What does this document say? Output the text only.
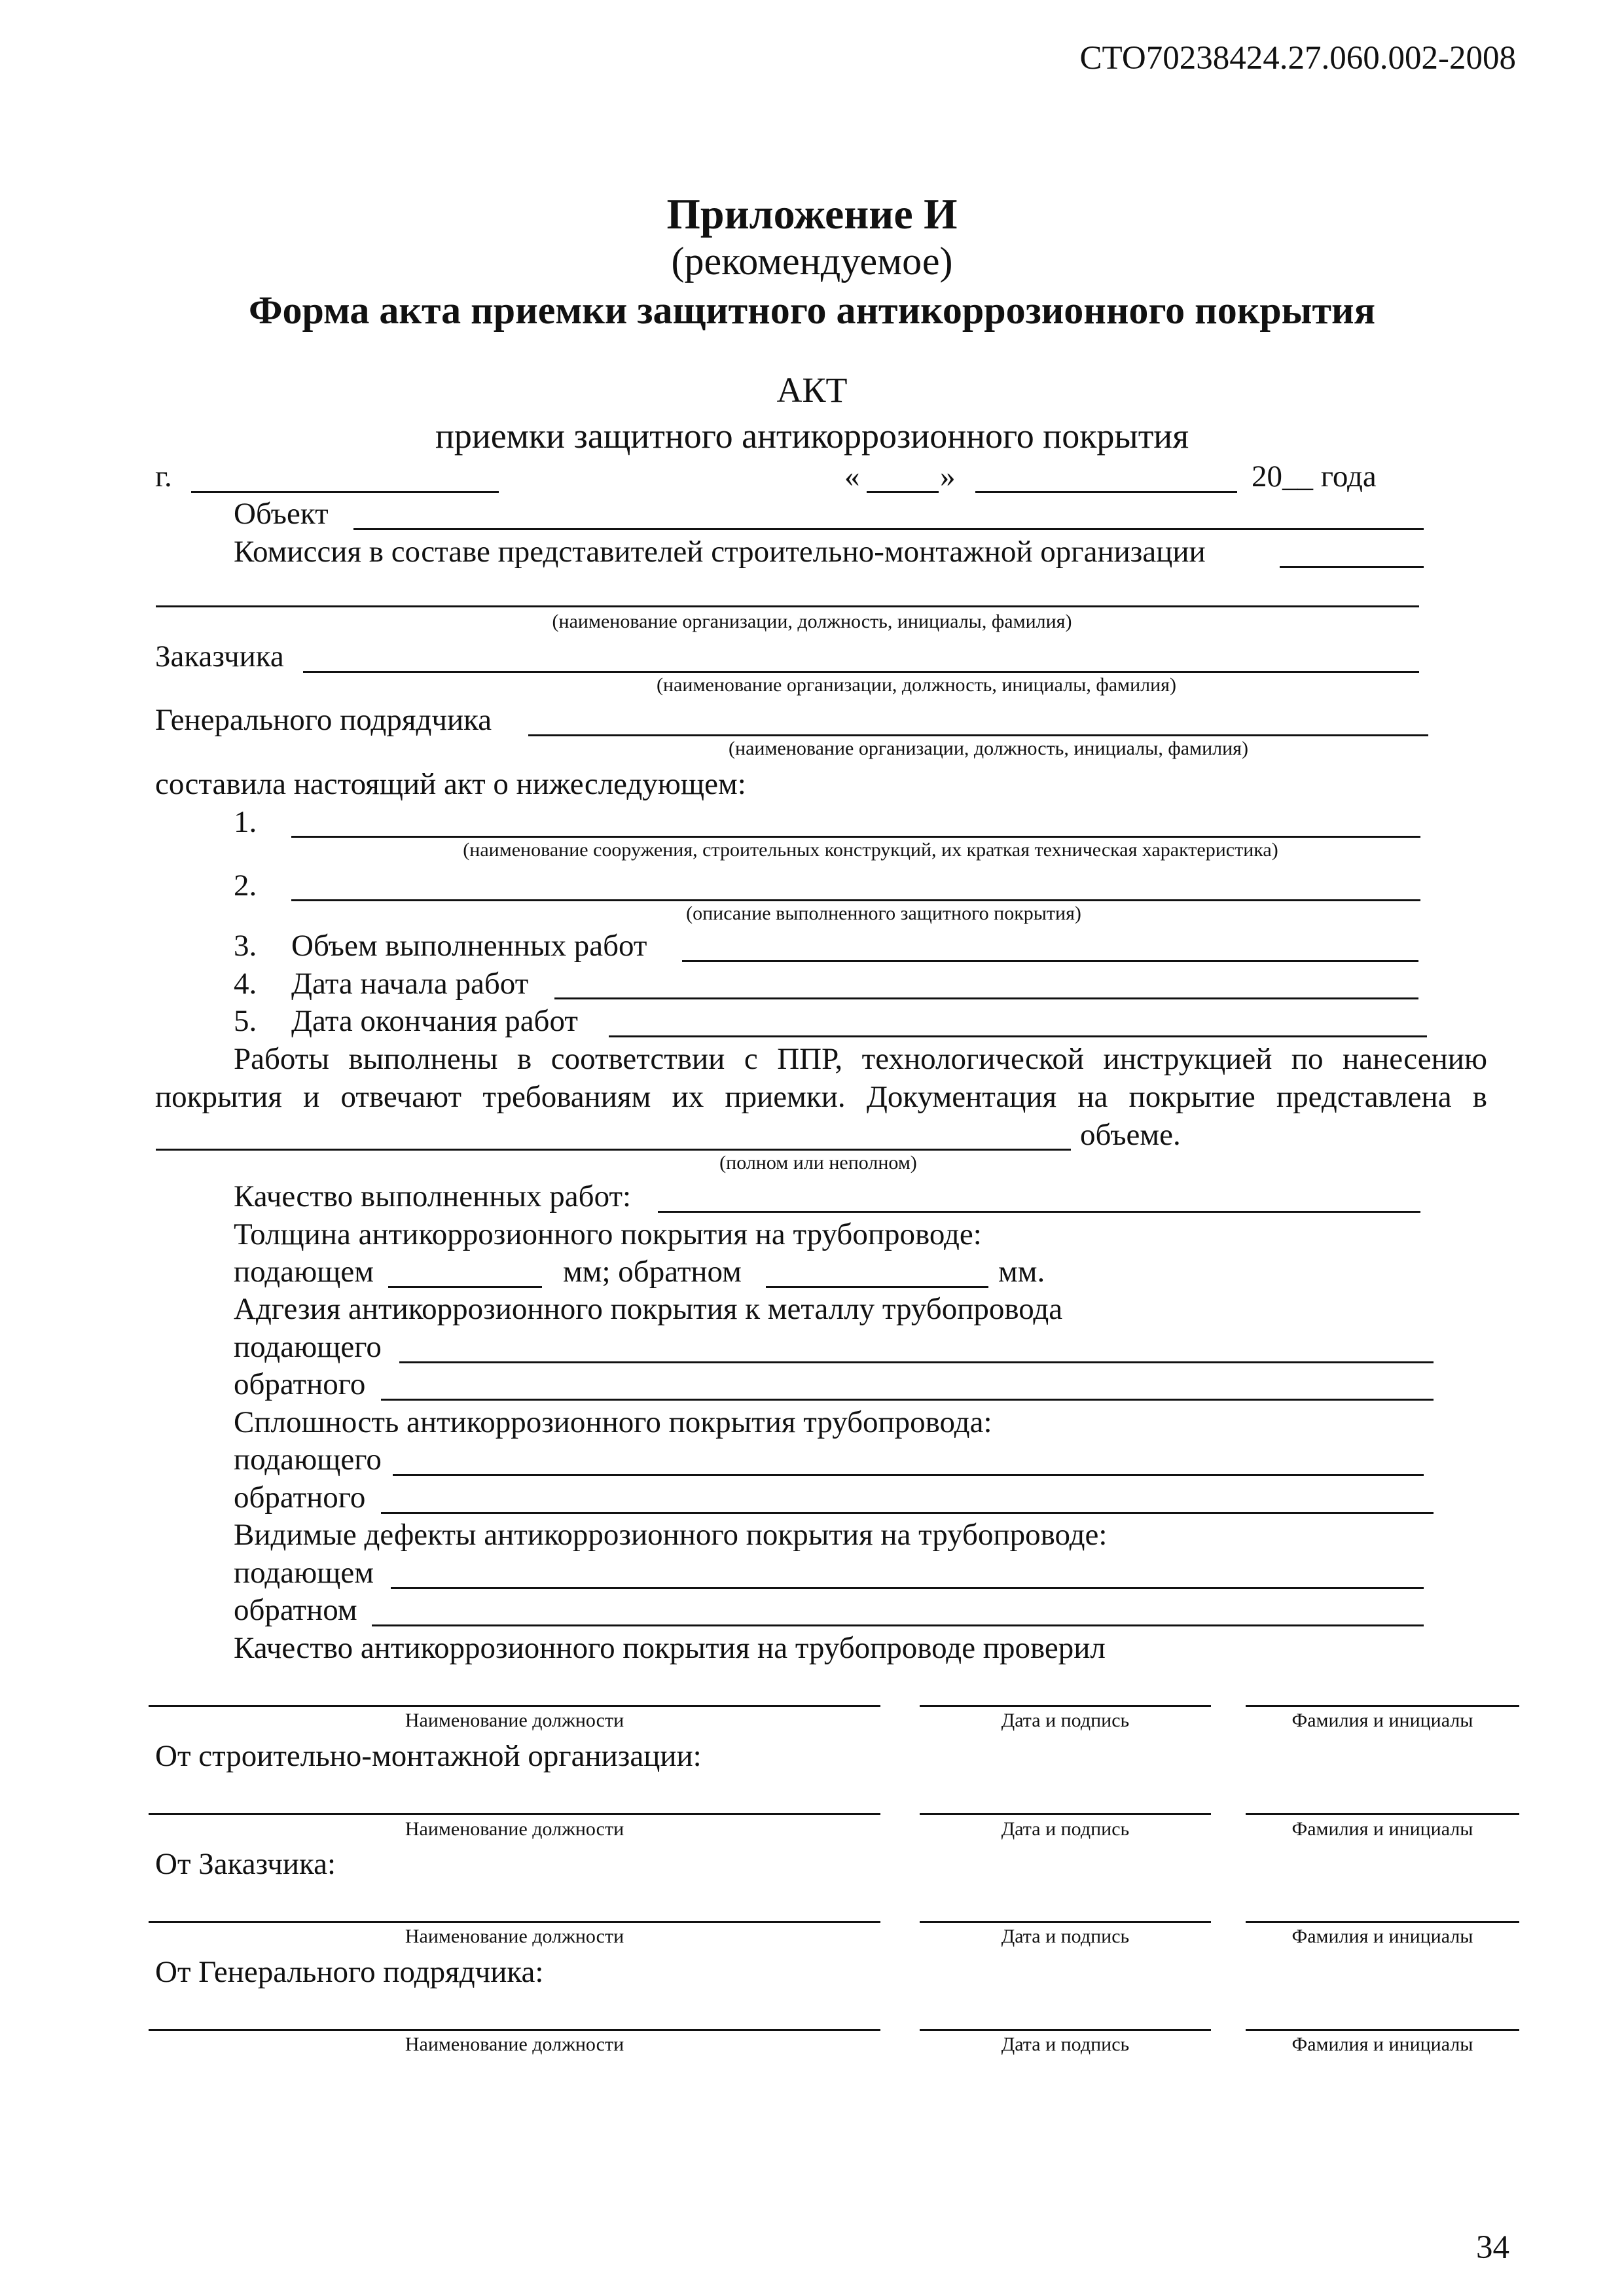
СТО70238424.27.060.002-2008
Приложение И
(рекомендуемое)
Форма акта приемки защитного антикоррозионного покрытия
АКТ
приемки защитного антикоррозионного покрытия
г.	«	»	20__ года
Объект
Комиссия в составе представителей строительно-монтажной организации
(наименование организации, должность, инициалы, фамилия)
Заказчика
(наименование организации, должность, инициалы, фамилия)
Генерального подрядчика
(наименование организации, должность, инициалы, фамилия)
составила настоящий акт о нижеследующем:
1.
(наименование сооружения, строительных конструкций, их краткая техническая характеристика)
2.
(описание выполненного защитного покрытия)
3. Объем выполненных работ
4. Дата начала работ
5. Дата окончания работ
Работы выполнены в соответствии с ППР, технологической инструкцией по нанесению
покрытия и отвечают требованиям их приемки. Документация на покрытие представлена в
объеме.
(полном или неполном)
Качество выполненных работ:
Толщина антикоррозионного покрытия на трубопроводе:
подающем	мм; обратном	мм.
Адгезия антикоррозионного покрытия к металлу трубопровода
подающего
обратного
Сплошность антикоррозионного покрытия трубопровода:
подающего
обратного
Видимые дефекты антикоррозионного покрытия на трубопроводе:
подающем
обратном
Качество антикоррозионного покрытия на трубопроводе проверил
Наименование должности	Дата и подпись	Фамилия и инициалы
От строительно-монтажной организации:
Наименование должности	Дата и подпись	Фамилия и инициалы
От Заказчика:
Наименование должности	Дата и подпись	Фамилия и инициалы
От Генерального подрядчика:
Наименование должности	Дата и подпись	Фамилия и инициалы
34
